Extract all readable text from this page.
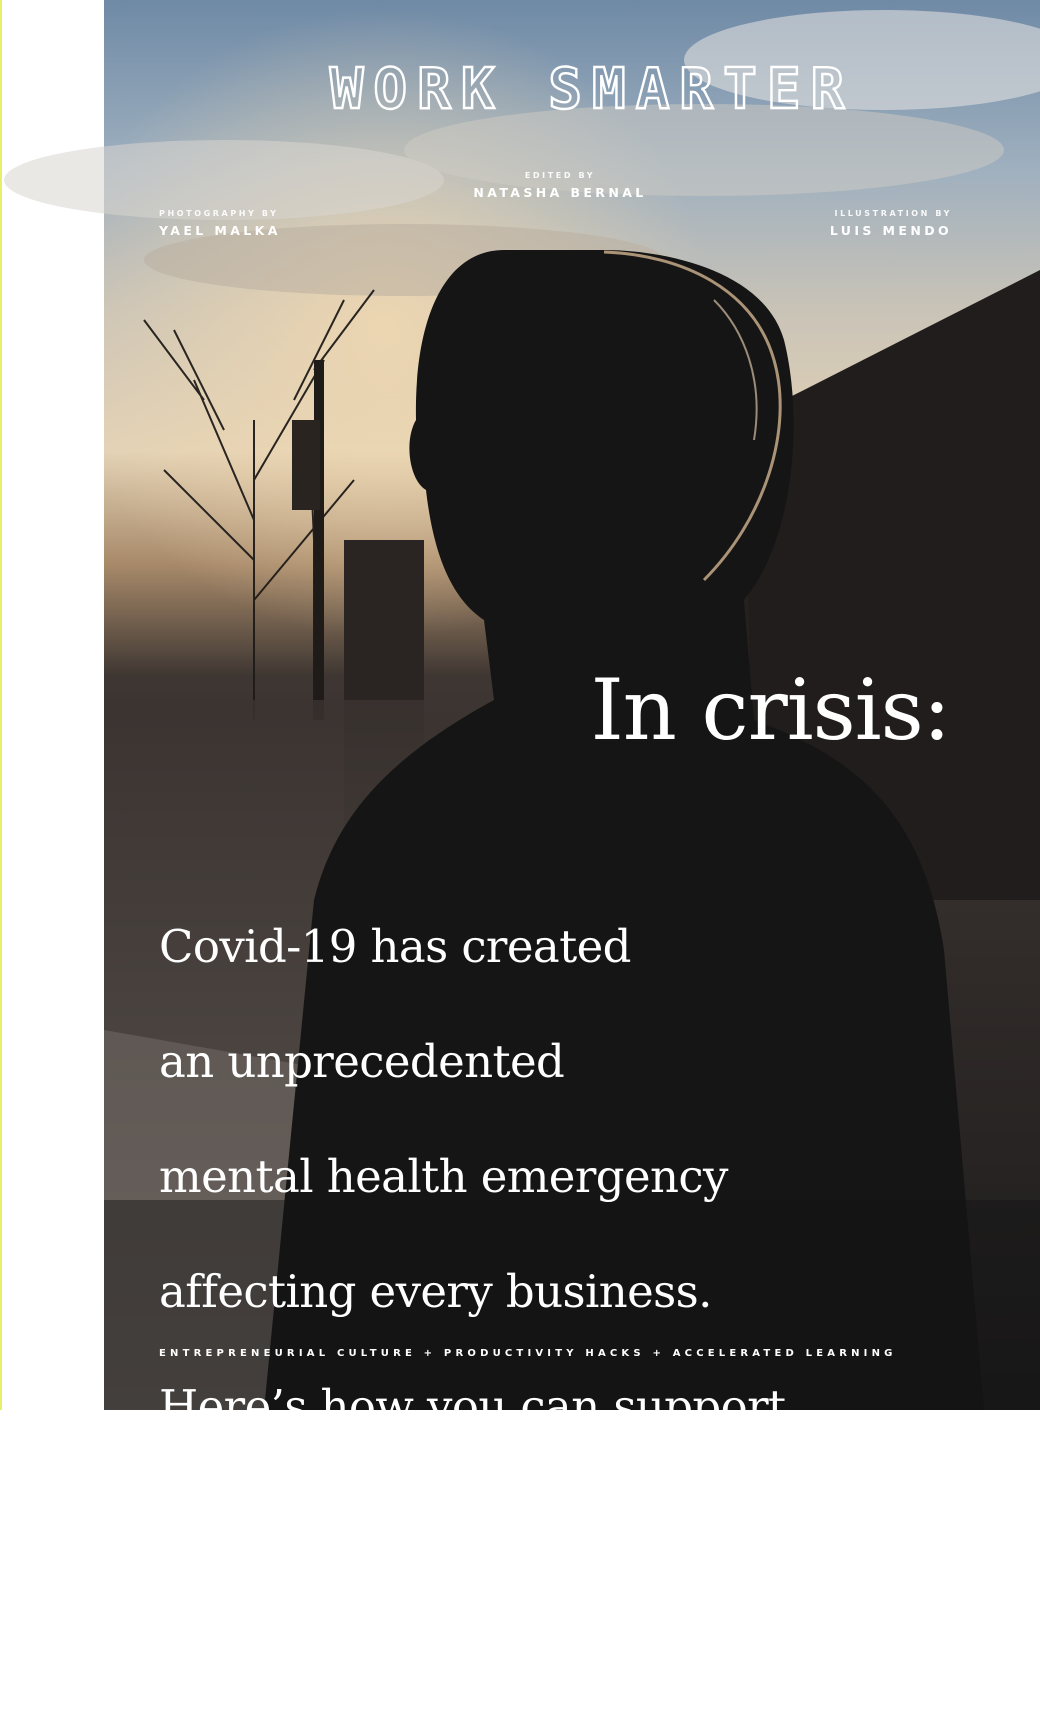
WORK SMARTER
EDITED BY
NATASHA BERNAL
PHOTOGRAPHY BY
YAEL MALKA
ILLUSTRATION BY
LUIS MENDO
In crisis:

Covid-19 has created

an unprecedented

mental health emergency

affecting every business.

Here’s how you can support

your team and yourself –

and come back stronger

ENTREPRENEURIAL CULTURE + PRODUCTIVITY HACKS + ACCELERATED LEARNING
